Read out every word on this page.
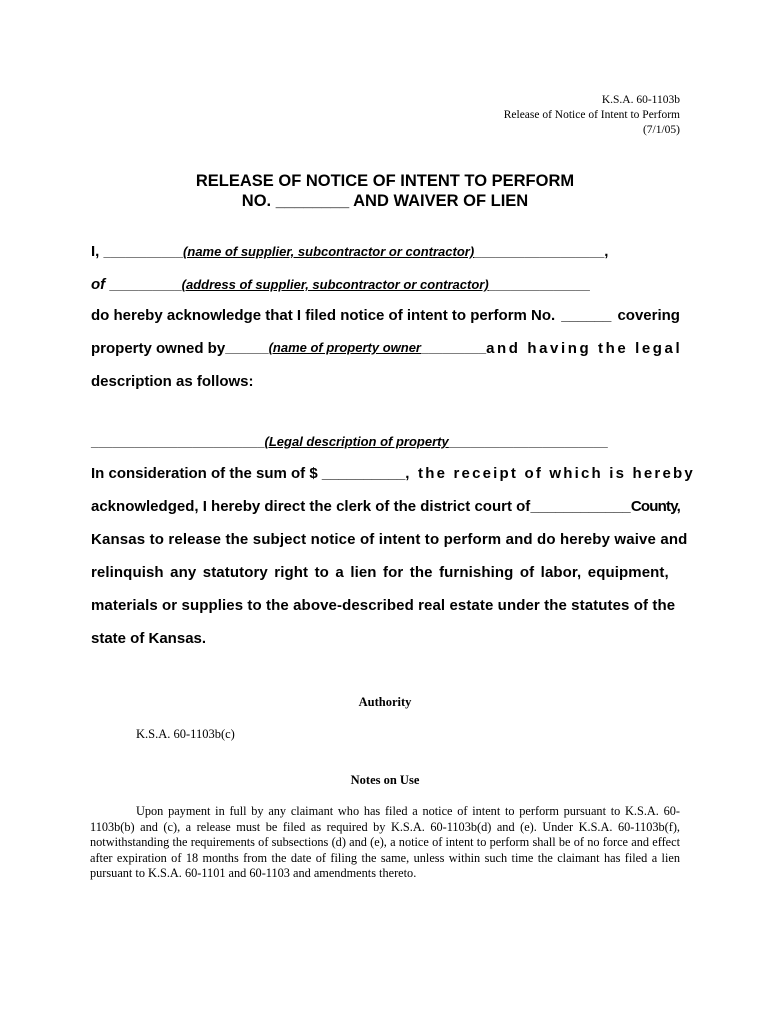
K.S.A. 60-1103b
Release of Notice of Intent to Perform
(7/1/05)
RELEASE OF NOTICE OF INTENT TO PERFORM
NO. ________ AND WAIVER OF LIEN
I, ___________(name of supplier, subcontractor or contractor)__________________,
of __________(address of supplier, subcontractor or contractor)______________
do hereby acknowledge that I filed notice of intent to perform No. ______ covering
property owned by ______(name of property owner_________ and having the legal
description as follows:
________________________(Legal description of property______________________
In consideration of the sum of $ __________ , the receipt of which is hereby
acknowledged, I hereby direct the clerk of the district court of ____________ County,
Kansas to release the subject notice of intent to perform and do hereby waive and
relinquish any statutory right to a lien for the furnishing of labor, equipment,
materials or supplies to the above-described real estate under the statutes of the
state of Kansas.
Authority
K.S.A. 60-1103b(c)
Notes on Use
Upon payment in full by any claimant who has filed a notice of intent to perform pursuant to K.S.A. 60-1103b(b) and (c), a release must be filed as required by K.S.A. 60-1103b(d) and (e). Under K.S.A. 60-1103b(f), notwithstanding the requirements of subsections (d) and (e), a notice of intent to perform shall be of no force and effect after expiration of 18 months from the date of filing the same, unless within such time the claimant has filed a lien pursuant to K.S.A. 60-1101 and 60-1103 and amendments thereto.
